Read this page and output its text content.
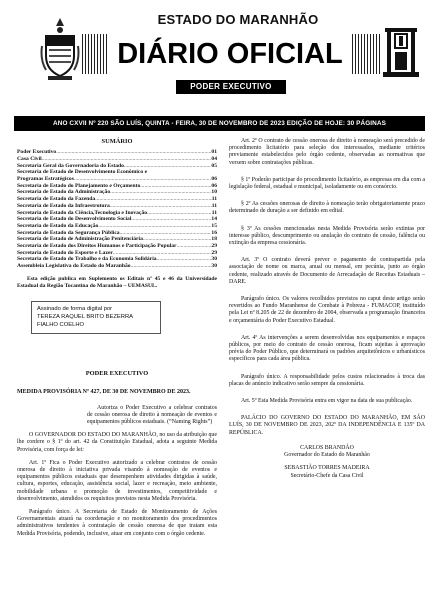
ESTADO DO MARANHÃO
DIÁRIO OFICIAL
PODER EXECUTIVO
ANO CXVII Nº 220 SÃO LUÍS, QUINTA - FEIRA, 30 DE NOVEMBRO DE 2023 EDIÇÃO DE HOJE: 30 PÁGINAS
SUMÁRIO
Poder Executivo .....	01
Casa Civil .....	04
Secretaria Geral da Governadoria do Estado .....	05
Secretaria de Estado de Desenvolvimento Econômico e
Programas Estratégicos .....	06
Secretaria de Estado do Planejamento e Orçamento .....	06
Secretaria de Estado da Administração .....	10
Secretaria de Estado da Fazenda .....	11
Secretaria de Estado da Infraestrutura .....	11
Secretaria de Estado da Ciência,Tecnologia e Inovação .....	11
Secretaria de Estado do Desenvolvimento Social .....	14
Secretaria de Estado da Educação .....	15
Secretaria de Estado da Segurança Pública .....	16
Secretaria de Estado de Administração Penitenciária .....	18
Secretaria de Estado dos Direitos Humanos e Participação Popular .....	29
Secretaria de Estado do Esporte e Lazer .....	29
Secretaria de Estado do Trabalho e da Economia Solidária .....	30
Assembleia Legislativa do Estado do Maranhão .....	30
Esta edição publica em Suplemento os Editais nº 45 e 46 da Universidade Estadual da Região Tocantina do Maranhão – UEMASUL.
Assinado de forma digital por
TEREZA RAQUEL BRITO BEZERRA
FIALHO COELHO
PODER EXECUTIVO
MEDIDA PROVISÓRIA Nº 427, DE 30 DE NOVEMBRO DE 2023.
Autoriza o Poder Executivo a celebrar contratos de cessão onerosa de direito à nomeação de eventos e equipamentos públicos estaduais. (“Naming Rights”)
O GOVERNADOR DO ESTADO DO MARANHÃO, no uso da atribuição que lhe confere o § 1º do art. 42 da Constituição Estadual, adota a seguinte Medida Provisória, com força de lei:
Art. 1º Fica o Poder Executivo autorizado a celebrar contratos de cessão onerosa de direito à iniciativa privada visando à nomeação de eventos e equipamentos públicos estaduais que desempenhem atividades dirigidas à saúde, cultura, esportes, educação, assistência social, lazer e recreação, meio ambiente, mobilidade urbana e promoção de investimentos, competitividade e desenvolvimento, atendidos os requisitos previstos nesta Medida Provisória.
Parágrafo único. A Secretaria de Estado de Monitoramento de Ações Governamentais atuará na coordenação e no monitoramento dos procedimentos administrativos tendentes à contratação de cessão onerosa de que tratam esta Medida Provisória, podendo, inclusive, atuar em conjunto com o órgão cedente.
Art. 2º O contrato de cessão onerosa de direito à nomeação será precedido de procedimento licitatório para seleção dos interessados, mediante critérios previamente estabelecidos pelo órgão cedente, observadas as normativas que versem sobre contratações públicas.
§ 1º Poderão participar do procedimento licitatório, as empresas em dia com a legislação federal, estadual e municipal, isoladamente ou em consórcio.
§ 2º As cessões onerosas de direito à nomeação terão obrigatoriamente prazo determinado de duração a ser definido em edital.
§ 3º As cessões mencionadas nesta Medida Provisória serão extintas por interesse público, descumprimento ou anulação do contrato de cessão, falência ou extinção da empresa cessionária.
Art. 3º O contrato deverá prever o pagamento de contrapartida pela associação de nome ou marca, anual ou mensal, em pecúnia, junto ao órgão cedente, realizado através de Documento de Arrecadação de Receitas Estaduais – DARE.
Parágrafo único. Os valores recolhidos previstos no caput deste artigo serão revertidos ao Fundo Maranhense de Combate à Pobreza - FUMACOP, instituído pela Lei nº 8.205 de 22 de dezembro de 2004, observada a programação financeira e orçamentária do Poder Executivo Estadual.
Art. 4º As intervenções a serem desenvolvidas nos equipamentos e espaços públicos, por meio do contrato de cessão onerosa, ficam sujeitas à aprovação prévia do Poder Público, que determinará os padrões arquitetônicos e urbanísticos específicos para cada área pública.
Parágrafo único. A responsabilidade pelos custos relacionados à troca das placas de anúncio indicativo serão sempre da cessionária.
Art. 5º Esta Medida Provisória entra em vigor na data de sua publicação.
PALÁCIO DO GOVERNO DO ESTADO DO MARANHÃO, EM SÃO LUÍS, 30 DE NOVEMBRO DE 2023, 202º DA INDEPENDÊNCIA E 135º DA REPÚBLICA.
CARLOS BRANDÃO
Governador do Estado do Maranhão
SEBASTIÃO TORRES MADEIRA
Secretário-Chefe da Casa Civil
